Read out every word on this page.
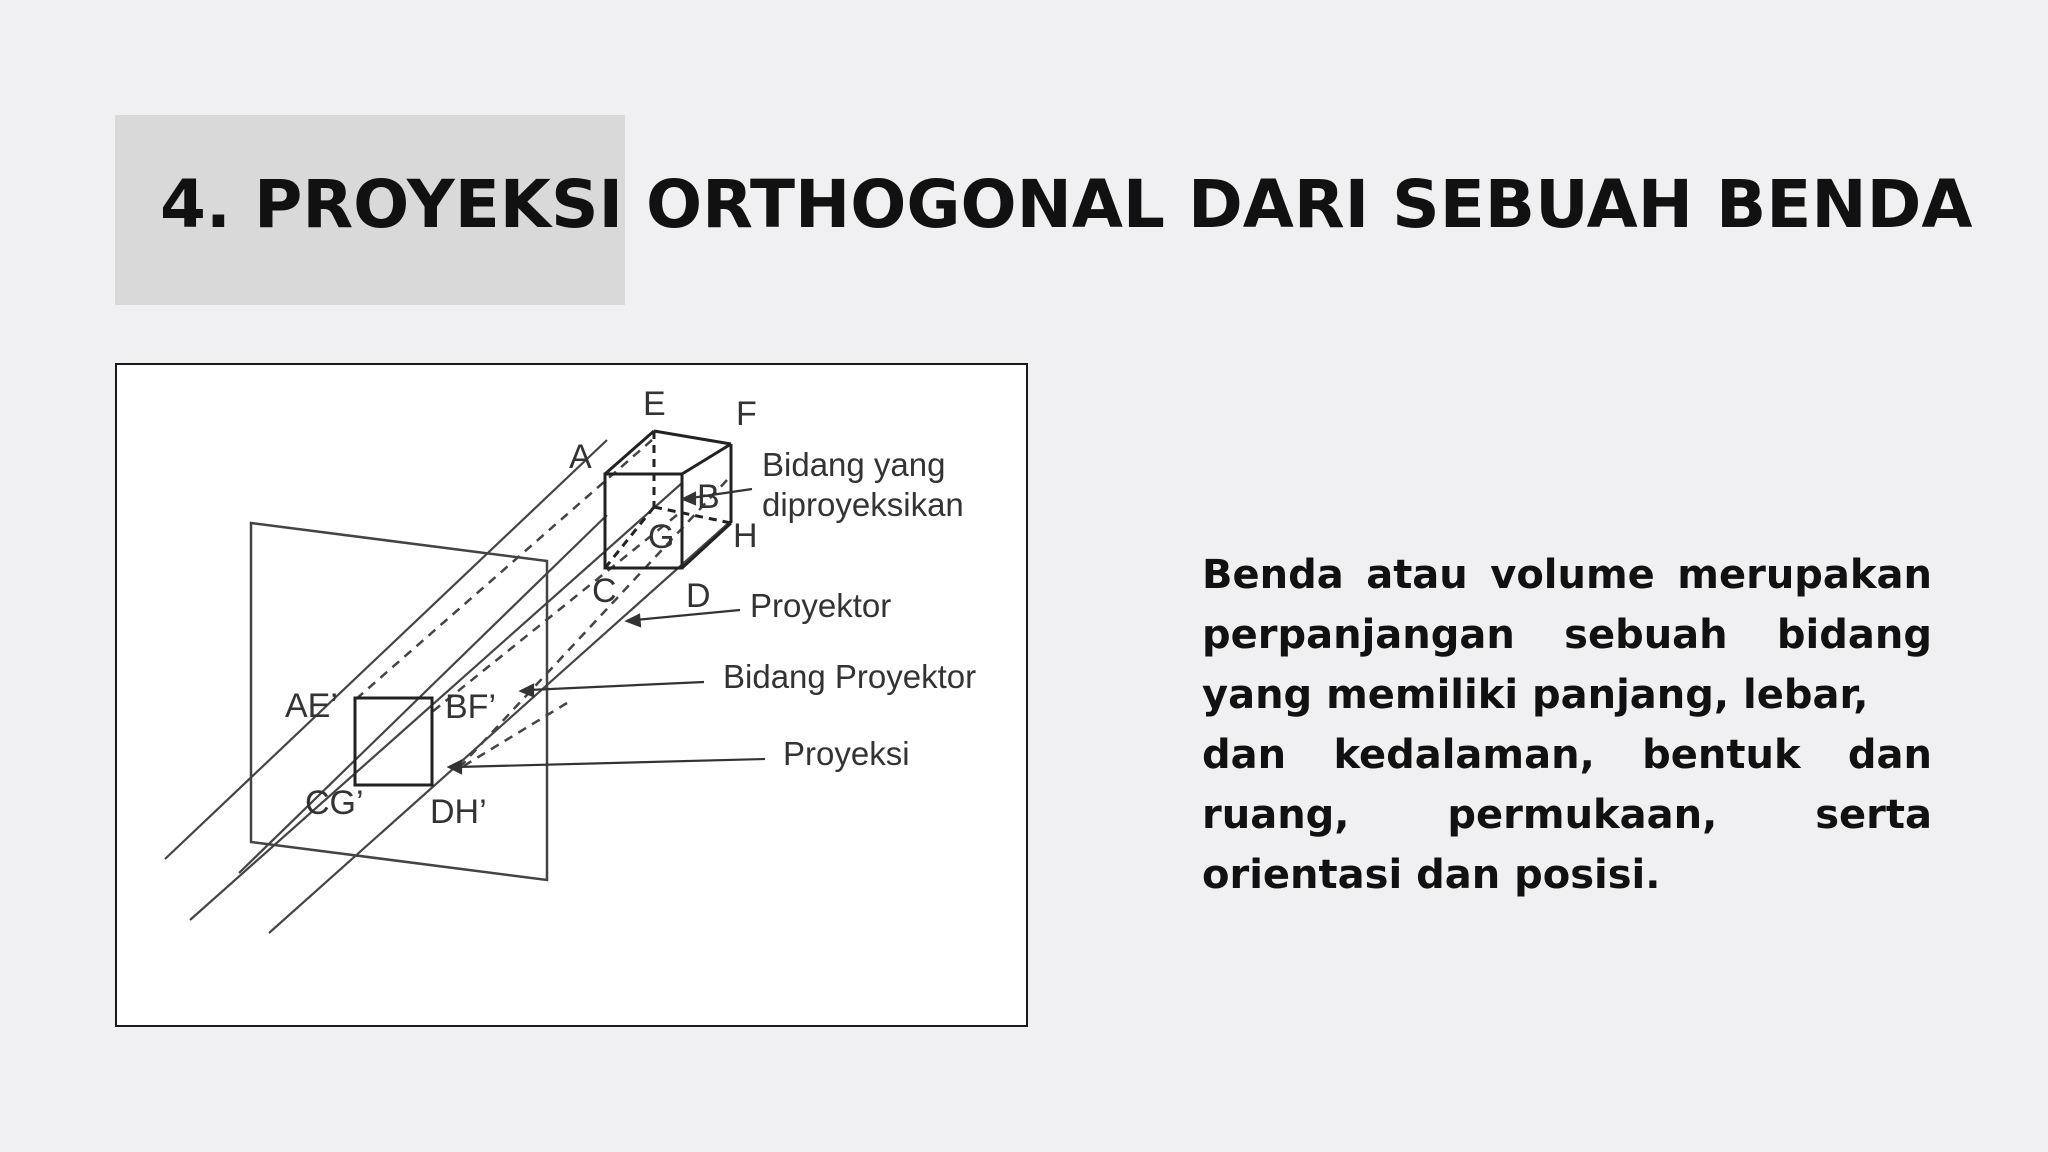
4. PROYEKSI ORTHOGONAL DARI SEBUAH BENDA
E F
A
B
G H
C D
AE’	BF’
CG’ DH’
Bidang yang
diproyeksikan
Proyektor
Bidang Proyektor
Proyeksi

Benda atau volume merupakan
perpanjangan sebuah bidang
yang memiliki panjang, lebar,
dan kedalaman, bentuk dan
ruang, permukaan, serta
orientasi dan posisi.
